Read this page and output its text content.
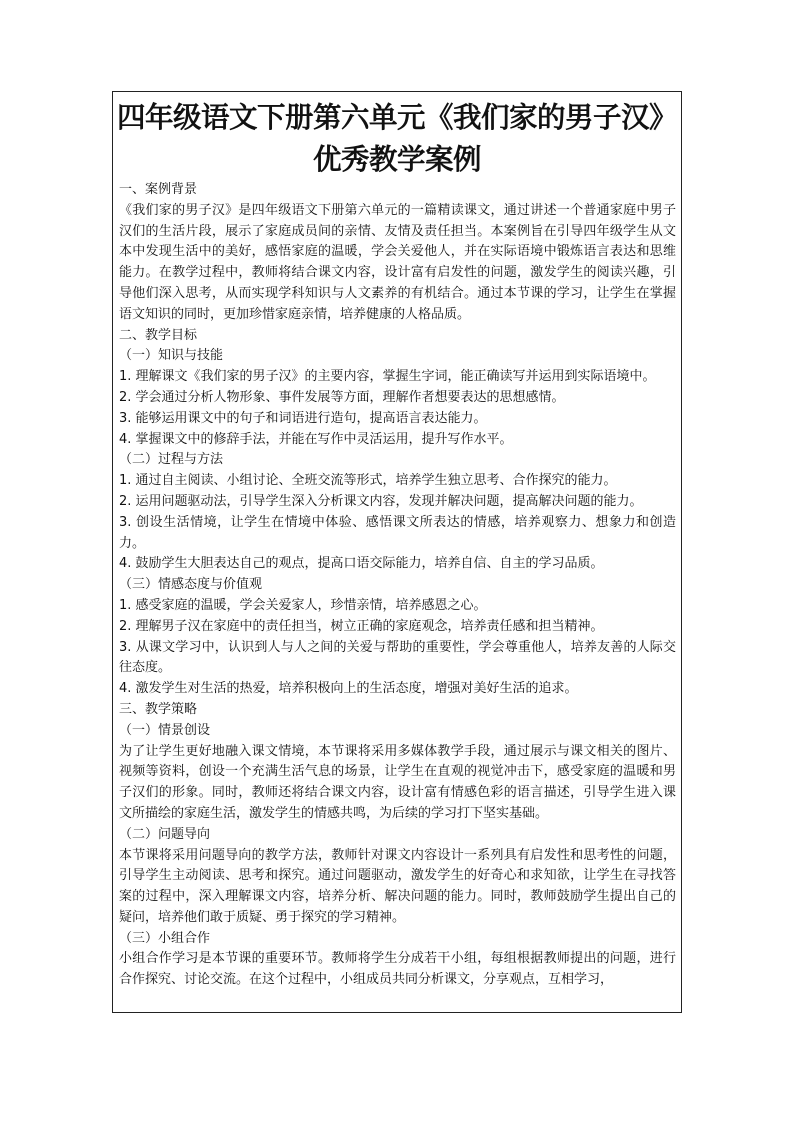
四年级语文下册第六单元《我们家的男子汉》
优秀教学案例

一、案例背景

《我们家的男子汉》是四年级语文下册第六单元的一篇精读课文，通过讲述一个普通家庭中男子汉们的生活片段，展示了家庭成员间的亲情、友情及责任担当。本案例旨在引导四年级学生从文本中发现生活中的美好，感悟家庭的温暖，学会关爱他人，并在实际语境中锻炼语言表达和思维能力。在教学过程中，教师将结合课文内容，设计富有启发性的问题，激发学生的阅读兴趣，引导他们深入思考，从而实现学科知识与人文素养的有机结合。通过本节课的学习，让学生在掌握语文知识的同时，更加珍惜家庭亲情，培养健康的人格品质。

二、教学目标

（一）知识与技能

1. 理解课文《我们家的男子汉》的主要内容，掌握生字词，能正确读写并运用到实际语境中。

2. 学会通过分析人物形象、事件发展等方面，理解作者想要表达的思想感情。

3. 能够运用课文中的句子和词语进行造句，提高语言表达能力。

4. 掌握课文中的修辞手法，并能在写作中灵活运用，提升写作水平。

（二）过程与方法

1. 通过自主阅读、小组讨论、全班交流等形式，培养学生独立思考、合作探究的能力。

2. 运用问题驱动法，引导学生深入分析课文内容，发现并解决问题，提高解决问题的能力。

3. 创设生活情境，让学生在情境中体验、感悟课文所表达的情感，培养观察力、想象力和创造力。

4. 鼓励学生大胆表达自己的观点，提高口语交际能力，培养自信、自主的学习品质。

（三）情感态度与价值观

1. 感受家庭的温暖，学会关爱家人，珍惜亲情，培养感恩之心。

2. 理解男子汉在家庭中的责任担当，树立正确的家庭观念，培养责任感和担当精神。

3. 从课文学习中，认识到人与人之间的关爱与帮助的重要性，学会尊重他人，培养友善的人际交往态度。

4. 激发学生对生活的热爱，培养积极向上的生活态度，增强对美好生活的追求。

三、教学策略

（一）情景创设

为了让学生更好地融入课文情境，本节课将采用多媒体教学手段，通过展示与课文相关的图片、视频等资料，创设一个充满生活气息的场景，让学生在直观的视觉冲击下，感受家庭的温暖和男子汉们的形象。同时，教师还将结合课文内容，设计富有情感色彩的语言描述，引导学生进入课文所描绘的家庭生活，激发学生的情感共鸣，为后续的学习打下坚实基础。

（二）问题导向

本节课将采用问题导向的教学方法，教师针对课文内容设计一系列具有启发性和思考性的问题，引导学生主动阅读、思考和探究。通过问题驱动，激发学生的好奇心和求知欲，让学生在寻找答案的过程中，深入理解课文内容，培养分析、解决问题的能力。同时，教师鼓励学生提出自己的疑问，培养他们敢于质疑、勇于探究的学习精神。

（三）小组合作

小组合作学习是本节课的重要环节。教师将学生分成若干小组，每组根据教师提出的问题，进行合作探究、讨论交流。在这个过程中，小组成员共同分析课文，分享观点，互相学习，
